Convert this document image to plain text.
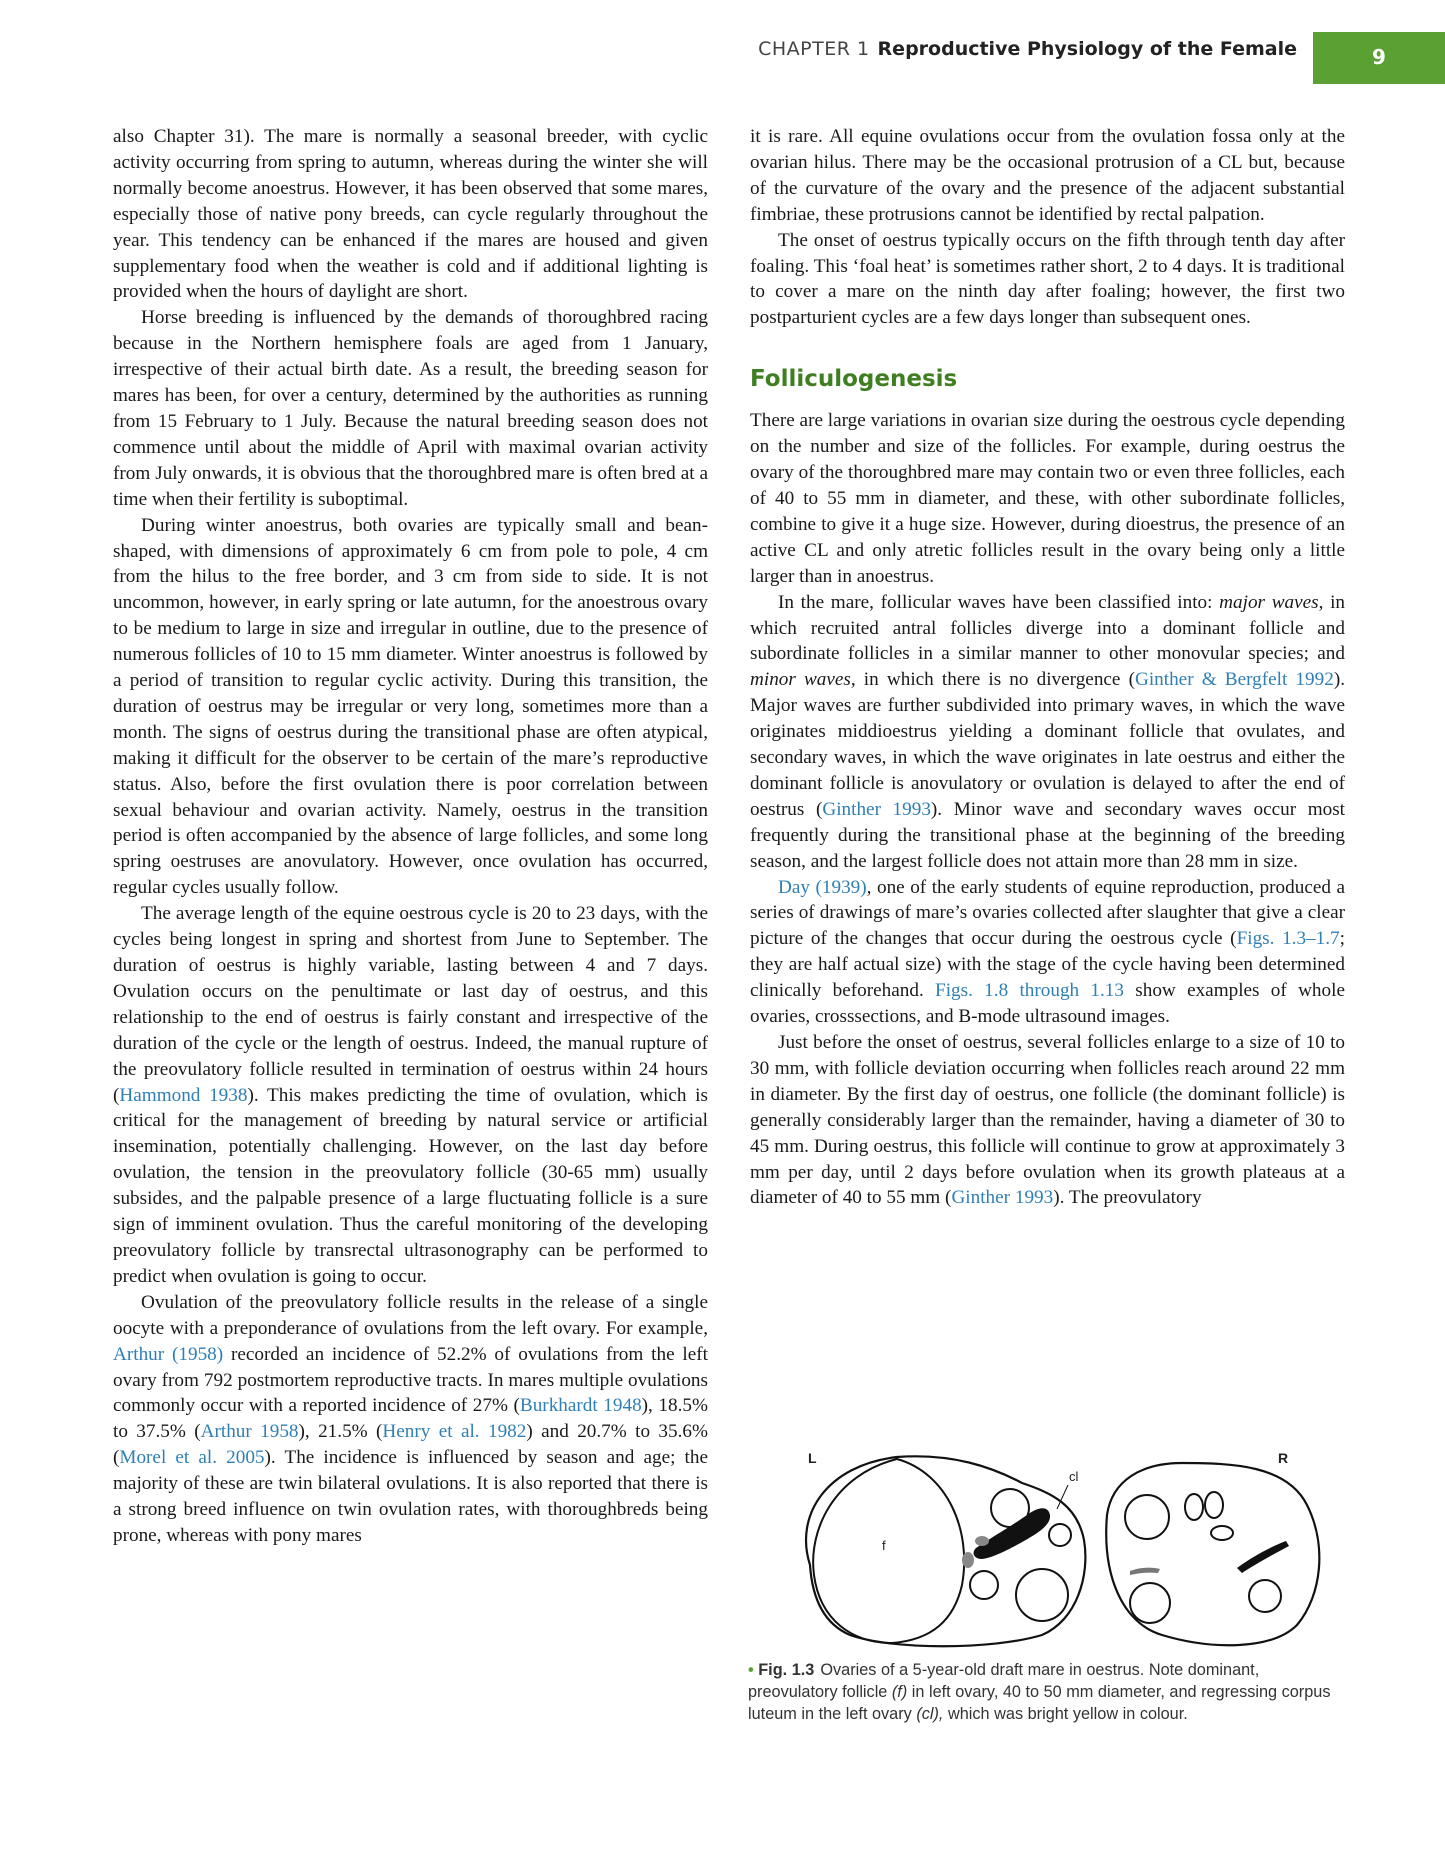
CHAPTER 1 Reproductive Physiology of the Female	9

also Chapter 31). The mare is normally a seasonal breeder, with cyclic activity occurring from spring to autumn, whereas during the winter she will normally become anoestrus. However, it has been observed that some mares, especially those of native pony breeds, can cycle regularly throughout the year. This tendency can be enhanced if the mares are housed and given supplementary food when the weather is cold and if additional lighting is provided when the hours of daylight are short.

Horse breeding is influenced by the demands of thoroughbred racing because in the Northern hemisphere foals are aged from 1 January, irrespective of their actual birth date. As a result, the breeding season for mares has been, for over a century, determined by the authorities as running from 15 February to 1 July. Because the natural breeding season does not commence until about the middle of April with maximal ovarian activity from July onwards, it is obvious that the thoroughbred mare is often bred at a time when their fertility is suboptimal.

During winter anoestrus, both ovaries are typically small and bean-shaped, with dimensions of approximately 6 cm from pole to pole, 4 cm from the hilus to the free border, and 3 cm from side to side. It is not uncommon, however, in early spring or late autumn, for the anoestrous ovary to be medium to large in size and irregular in outline, due to the presence of numerous follicles of 10 to 15 mm diameter. Winter anoestrus is followed by a period of transition to regular cyclic activity. During this transition, the duration of oestrus may be irregular or very long, sometimes more than a month. The signs of oestrus during the transitional phase are often atypical, making it difficult for the observer to be certain of the mare’s reproductive status. Also, before the first ovulation there is poor correlation between sexual behaviour and ovarian activity. Namely, oestrus in the transition period is often accompanied by the absence of large follicles, and some long spring oestruses are anovulatory. However, once ovulation has occurred, regular cycles usually follow.

The average length of the equine oestrous cycle is 20 to 23 days, with the cycles being longest in spring and shortest from June to September. The duration of oestrus is highly variable, lasting between 4 and 7 days. Ovulation occurs on the penultimate or last day of oestrus, and this relationship to the end of oestrus is fairly constant and irrespective of the duration of the cycle or the length of oestrus. Indeed, the manual rupture of the preovulatory follicle resulted in termination of oestrus within 24 hours (Hammond 1938). This makes predicting the time of ovulation, which is critical for the management of breeding by natural service or artificial insemination, potentially challenging. However, on the last day before ovulation, the tension in the preovulatory follicle (30-65 mm) usually subsides, and the palpable presence of a large fluctuating follicle is a sure sign of imminent ovulation. Thus the careful monitoring of the developing preovulatory follicle by transrectal ultrasonography can be performed to predict when ovulation is going to occur.

Ovulation of the preovulatory follicle results in the release of a single oocyte with a preponderance of ovulations from the left ovary. For example, Arthur (1958) recorded an incidence of 52.2% of ovulations from the left ovary from 792 postmortem reproductive tracts. In mares multiple ovulations commonly occur with a reported incidence of 27% (Burkhardt 1948), 18.5% to 37.5% (Arthur 1958), 21.5% (Henry et al. 1982) and 20.7% to 35.6% (Morel et al. 2005). The incidence is influenced by season and age; the majority of these are twin bilateral ovulations. It is also reported that there is a strong breed influence on twin ovulation rates, with thoroughbreds being prone, whereas with pony mares

it is rare. All equine ovulations occur from the ovulation fossa only at the ovarian hilus. There may be the occasional protrusion of a CL but, because of the curvature of the ovary and the presence of the adjacent substantial fimbriae, these protrusions cannot be identified by rectal palpation.

The onset of oestrus typically occurs on the fifth through tenth day after foaling. This ‘foal heat’ is sometimes rather short, 2 to 4 days. It is traditional to cover a mare on the ninth day after foaling; however, the first two postparturient cycles are a few days longer than subsequent ones.

Folliculogenesis

There are large variations in ovarian size during the oestrous cycle depending on the number and size of the follicles. For example, during oestrus the ovary of the thoroughbred mare may contain two or even three follicles, each of 40 to 55 mm in diameter, and these, with other subordinate follicles, combine to give it a huge size. However, during dioestrus, the presence of an active CL and only atretic follicles result in the ovary being only a little larger than in anoestrus.

In the mare, follicular waves have been classified into: major waves, in which recruited antral follicles diverge into a dominant follicle and subordinate follicles in a similar manner to other monovular species; and minor waves, in which there is no divergence (Ginther & Bergfelt 1992). Major waves are further subdivided into primary waves, in which the wave originates middioestrus yielding a dominant follicle that ovulates, and secondary waves, in which the wave originates in late oestrus and either the dominant follicle is anovulatory or ovulation is delayed to after the end of oestrus (Ginther 1993). Minor wave and secondary waves occur most frequently during the transitional phase at the beginning of the breeding season, and the largest follicle does not attain more than 28 mm in size.

Day (1939), one of the early students of equine reproduction, produced a series of drawings of mare’s ovaries collected after slaughter that give a clear picture of the changes that occur during the oestrous cycle (Figs. 1.3–1.7; they are half actual size) with the stage of the cycle having been determined clinically beforehand. Figs. 1.8 through 1.13 show examples of whole ovaries, crosssections, and B-mode ultrasound images.

Just before the onset of oestrus, several follicles enlarge to a size of 10 to 30 mm, with follicle deviation occurring when follicles reach around 22 mm in diameter. By the first day of oestrus, one follicle (the dominant follicle) is generally considerably larger than the remainder, having a diameter of 30 to 45 mm. During oestrus, this follicle will continue to grow at approximately 3 mm per day, until 2 days before ovulation when its growth plateaus at a diameter of 40 to 55 mm (Ginther 1993). The preovulatory

L	R
cl
f
• Fig. 1.3 Ovaries of a 5-year-old draft mare in oestrus. Note dominant, preovulatory follicle (f) in left ovary, 40 to 50 mm diameter, and regressing corpus luteum in the left ovary (cl), which was bright yellow in colour.
